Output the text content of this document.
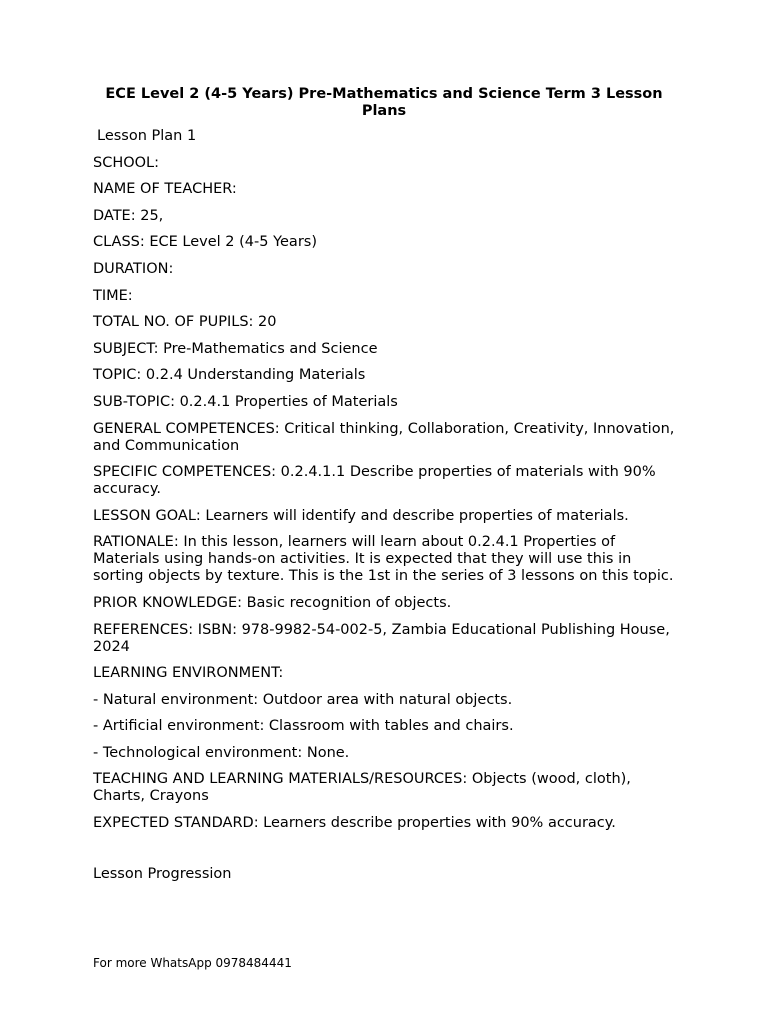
ECE Level 2 (4-5 Years) Pre-Mathematics and Science Term 3 Lesson Plans
Lesson Plan 1
SCHOOL:
NAME OF TEACHER:
DATE: 25,
CLASS: ECE Level 2 (4-5 Years)
DURATION:
TIME:
TOTAL NO. OF PUPILS: 20
SUBJECT: Pre-Mathematics and Science
TOPIC: 0.2.4 Understanding Materials
SUB-TOPIC: 0.2.4.1 Properties of Materials
GENERAL COMPETENCES: Critical thinking, Collaboration, Creativity, Innovation, and Communication
SPECIFIC COMPETENCES: 0.2.4.1.1 Describe properties of materials with 90% accuracy.
LESSON GOAL: Learners will identify and describe properties of materials.
RATIONALE: In this lesson, learners will learn about 0.2.4.1 Properties of Materials using hands-on activities. It is expected that they will use this in sorting objects by texture. This is the 1st in the series of 3 lessons on this topic.
PRIOR KNOWLEDGE: Basic recognition of objects.
REFERENCES: ISBN: 978-9982-54-002-5, Zambia Educational Publishing House, 2024
LEARNING ENVIRONMENT:
- Natural environment: Outdoor area with natural objects.
- Artificial environment: Classroom with tables and chairs.
- Technological environment: None.
TEACHING AND LEARNING MATERIALS/RESOURCES: Objects (wood, cloth), Charts, Crayons
EXPECTED STANDARD: Learners describe properties with 90% accuracy.
Lesson Progression
For more WhatsApp 0978484441
